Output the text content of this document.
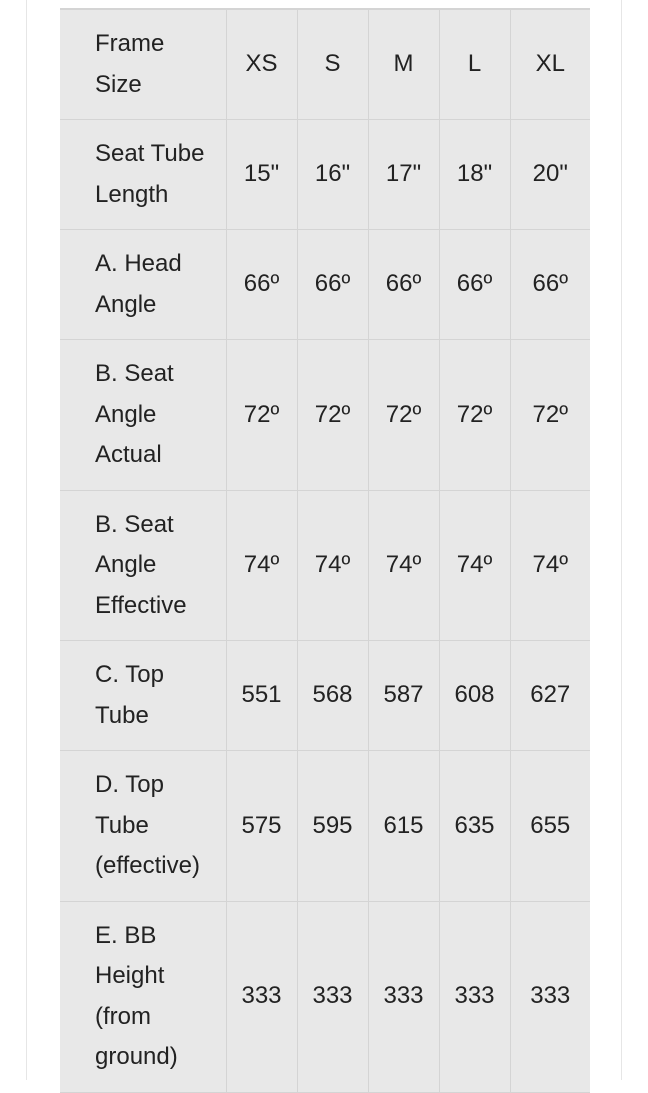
Frame Size	XS	S	M	L	XL
Seat Tube Length	15"	16"	17"	18"	20"
A. Head Angle	66º	66º	66º	66º	66º
B. Seat Angle Actual	72º	72º	72º	72º	72º
B. Seat Angle Effective	74º	74º	74º	74º	74º
C. Top Tube	551	568	587	608	627
D. Top Tube (effective)	575	595	615	635	655
E. BB Height (from ground)	333	333	333	333	333
